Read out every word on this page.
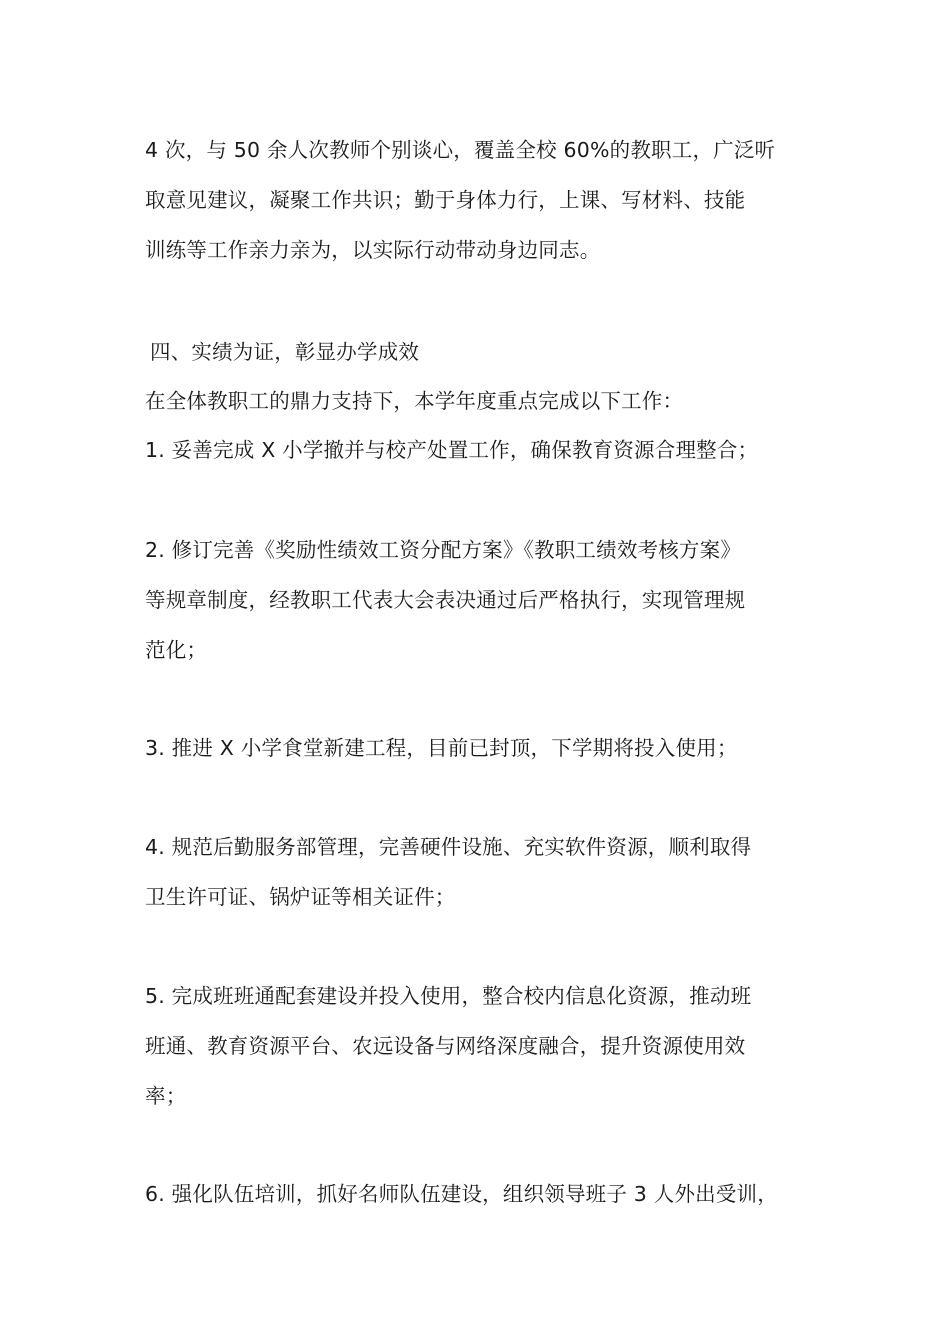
4 次，与 50 余人次教师个别谈心，覆盖全校 60%的教职工，广泛听
取意见建议，凝聚工作共识；勤于身体力行，上课、写材料、技能
训练等工作亲力亲为，以实际行动带动身边同志。
四、实绩为证，彰显办学成效
在全体教职工的鼎力支持下，本学年度重点完成以下工作：
1. 妥善完成 X 小学撤并与校产处置工作，确保教育资源合理整合；
2. 修订完善《奖励性绩效工资分配方案》《教职工绩效考核方案》
等规章制度，经教职工代表大会表决通过后严格执行，实现管理规
范化；
3. 推进 X 小学食堂新建工程，目前已封顶，下学期将投入使用；
4. 规范后勤服务部管理，完善硬件设施、充实软件资源，顺利取得
卫生许可证、锅炉证等相关证件；
5. 完成班班通配套建设并投入使用，整合校内信息化资源，推动班
班通、教育资源平台、农远设备与网络深度融合，提升资源使用效
率；
6. 强化队伍培训，抓好名师队伍建设，组织领导班子 3 人外出受训，
